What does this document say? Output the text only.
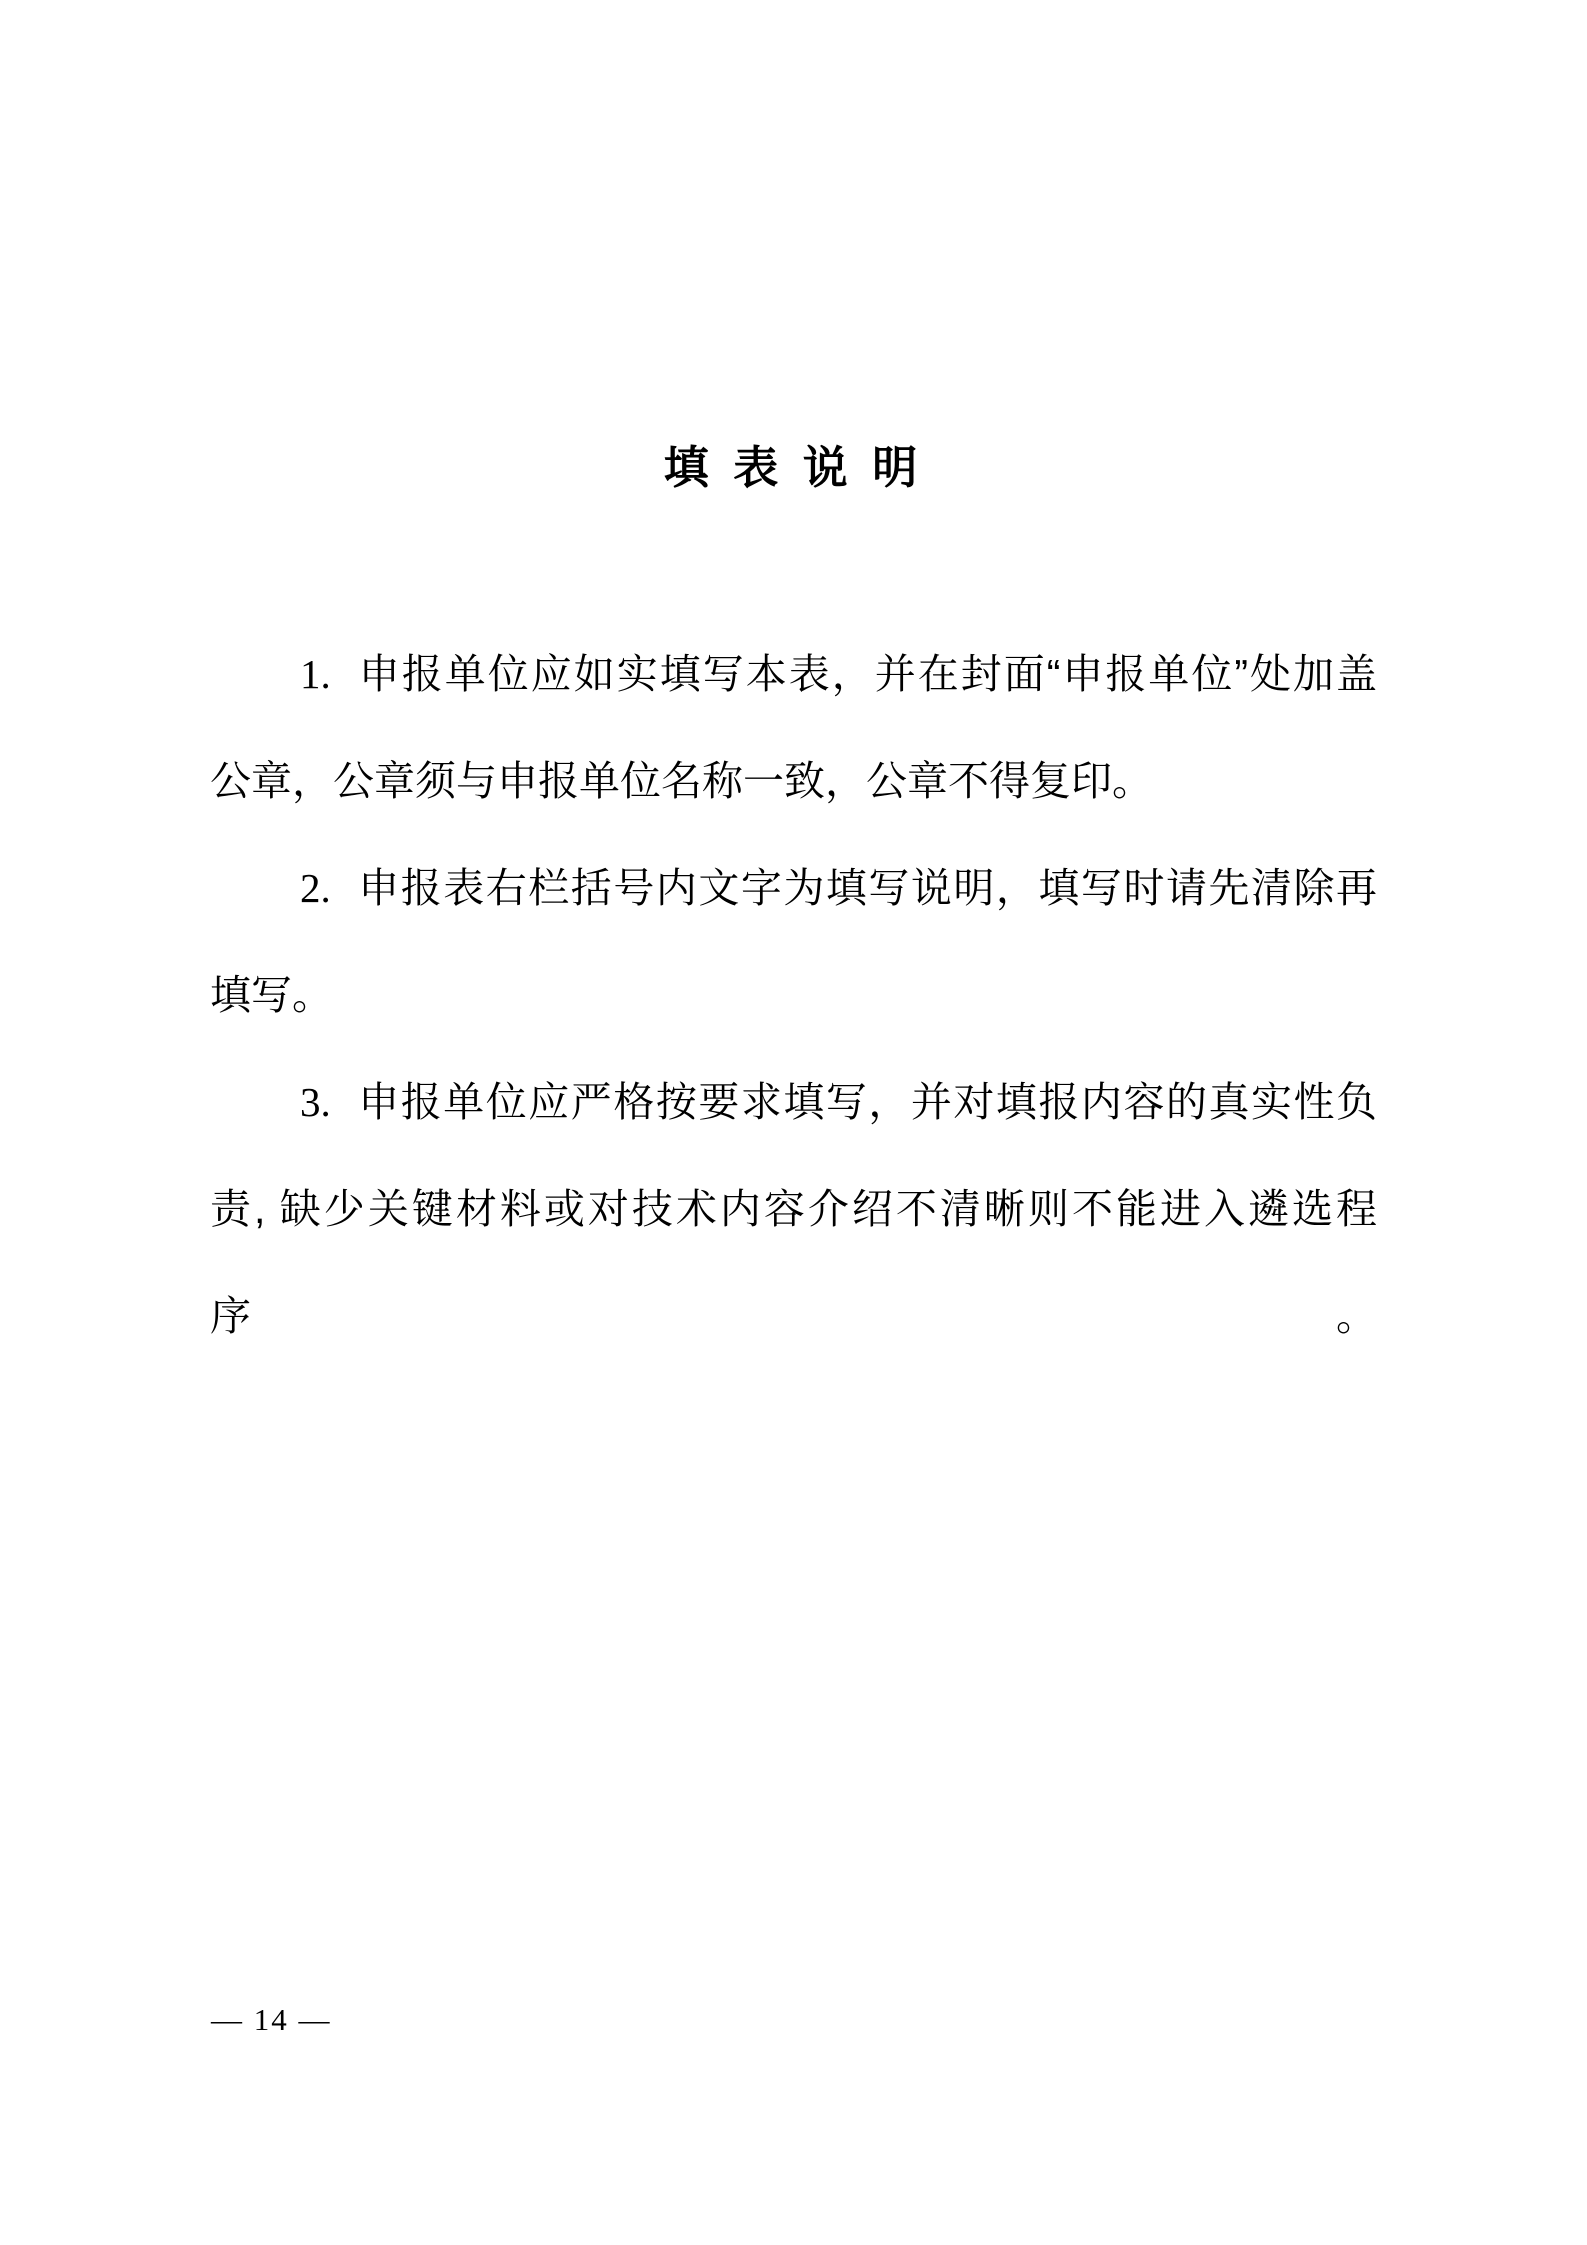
填 表 说 明
1. 申报单位应如实填写本表，并在封面“申报单位”处加盖
公章，公章须与申报单位名称一致，公章不得复印。
2. 申报表右栏括号内文字为填写说明，填写时请先清除再
填写。
3. 申报单位应严格按要求填写，并对填报内容的真实性负
责, 缺少关键材料或对技术内容介绍不清晰则不能进入遴选程序。
— 14 —
